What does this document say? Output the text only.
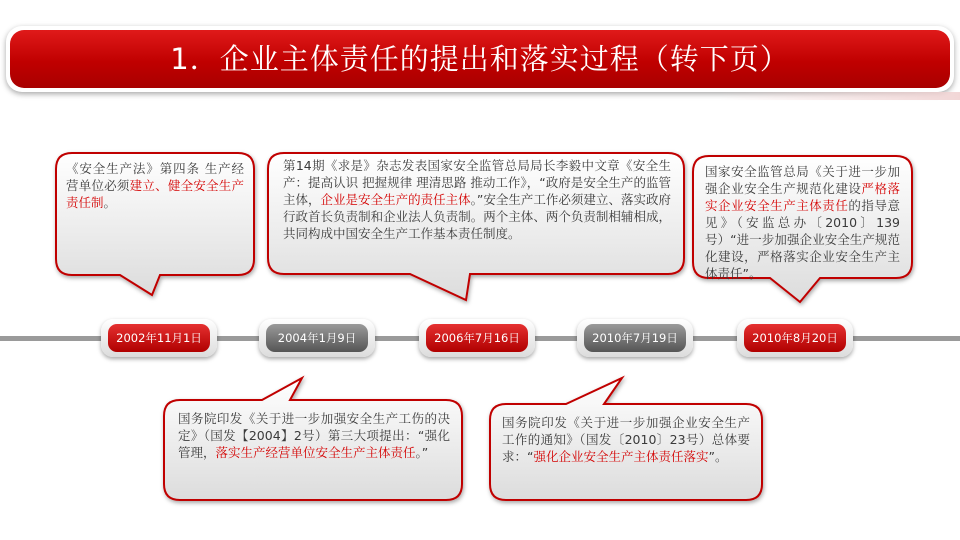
1．企业主体责任的提出和落实过程（转下页）
《安全生产法》第四条 生产经营单位必须建立、健全安全生产责任制。
第14期《求是》杂志发表国家安全监管总局局长李毅中文章《安全生产：提高认识 把握规律 理清思路 推动工作》，“政府是安全生产的监管主体，企业是安全生产的责任主体。”安全生产工作必须建立、落实政府行政首长负责制和企业法人负责制。两个主体、两个负责制相辅相成，共同构成中国安全生产工作基本责任制度。
国家安全监管总局《关于进一步加强企业安全生产规范化建设严格落实企业安全生产主体责任的指导意见》（安监总办〔2010〕139号）“进一步加强企业安全生产规范化建设，严格落实企业安全生产主体责任”。
国务院印发《关于进一步加强安全生产工伤的决定》（国发【2004】2号）第三大项提出：“强化管理，落实生产经营单位安全生产主体责任。”
国务院印发《关于进一步加强企业安全生产工作的通知》（国发〔2010〕23号）总体要求：“强化企业安全生产主体责任落实”。
2002年11月1日	2004年1月9日	2006年7月16日	2010年7月19日	2010年8月20日
